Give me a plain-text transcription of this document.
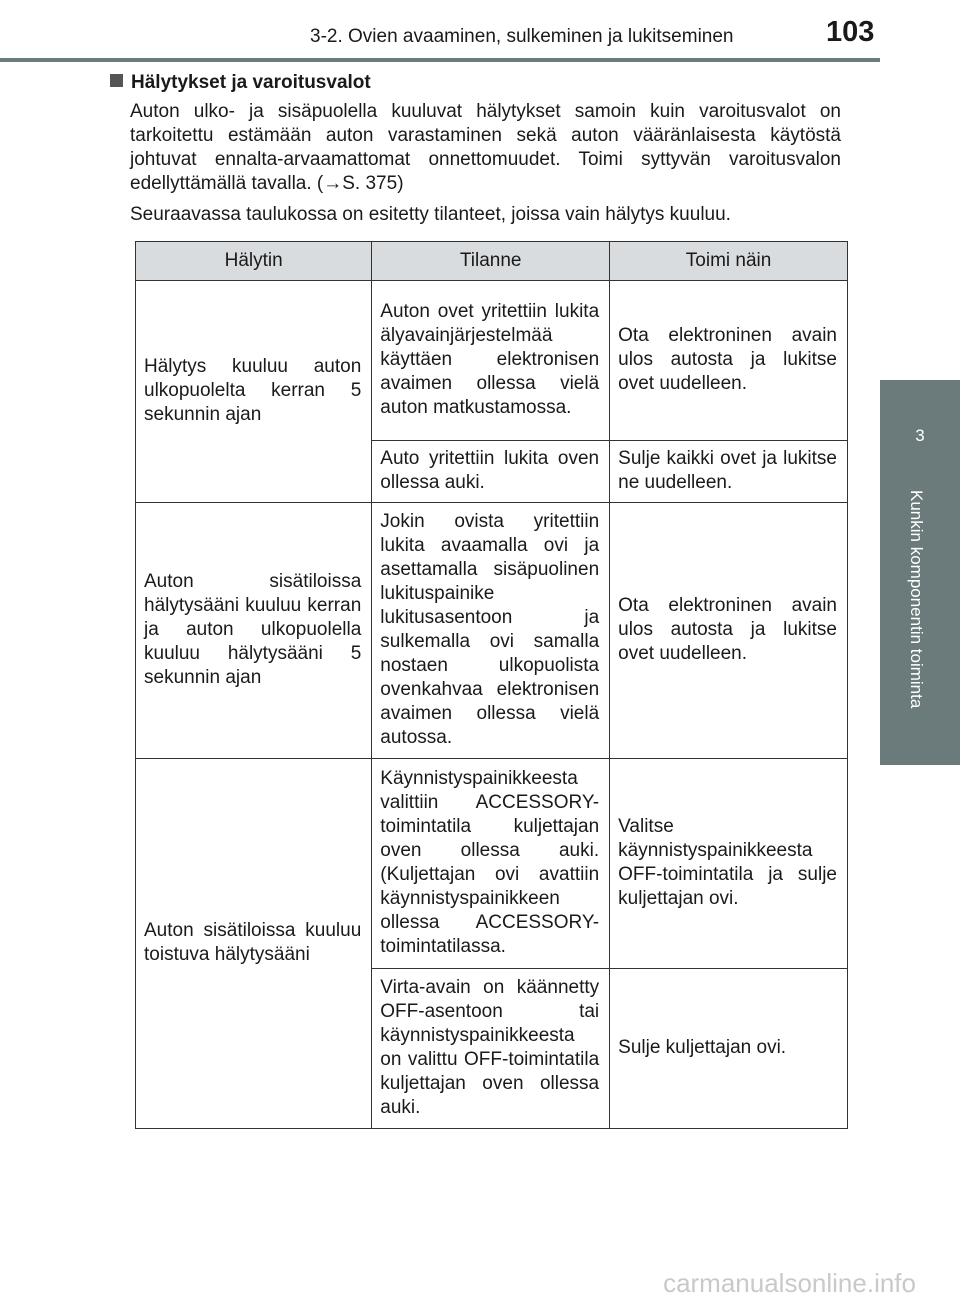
3-2. Ovien avaaminen, sulkeminen ja lukitseminen	103
3
Kunkin komponentin toiminta
Hälytykset ja varoitusvalot
Auton ulko- ja sisäpuolella kuuluvat hälytykset samoin kuin varoitusvalot on tarkoitettu estämään auton varastaminen sekä auton vääränlaisesta käytöstä johtuvat ennalta-arvaamattomat onnettomuudet. Toimi syttyvän varoitusvalon edellyttämällä tavalla. (→S. 375)
Seuraavassa taulukossa on esitetty tilanteet, joissa vain hälytys kuuluu.
Hälytin	Tilanne	Toimi näin
Hälytys kuuluu auton ulkopuolelta kerran 5 sekunnin ajan	Auton ovet yritettiin lukita älyavainjärjestelmää käyttäen elektronisen avaimen ollessa vielä auton matkustamossa.	Ota elektroninen avain ulos autosta ja lukitse ovet uudelleen.
	Auto yritettiin lukita oven ollessa auki.	Sulje kaikki ovet ja lukitse ne uudelleen.
Auton sisätiloissa hälytysääni kuuluu kerran ja auton ulkopuolella kuuluu hälytysääni 5 sekunnin ajan	Jokin ovista yritettiin lukita avaamalla ovi ja asettamalla sisäpuolinen lukituspainike lukitusasentoon ja sulkemalla ovi samalla nostaen ulkopuolista ovenkahvaa elektronisen avaimen ollessa vielä autossa.	Ota elektroninen avain ulos autosta ja lukitse ovet uudelleen.
Auton sisätiloissa kuuluu toistuva hälytysääni	Käynnistyspainikkeesta valittiin ACCESSORY-toimintatila kuljettajan oven ollessa auki. (Kuljettajan ovi avattiin käynnistyspainikkeen ollessa ACCESSORY-toimintatilassa.	Valitse käynnistyspainikkeesta OFF-toimintatila ja sulje kuljettajan ovi.
	Virta-avain on käännetty OFF-asentoon tai käynnistyspainikkeesta on valittu OFF-toimintatila kuljettajan oven ollessa auki.	Sulje kuljettajan ovi.
carmanualsonline.info
